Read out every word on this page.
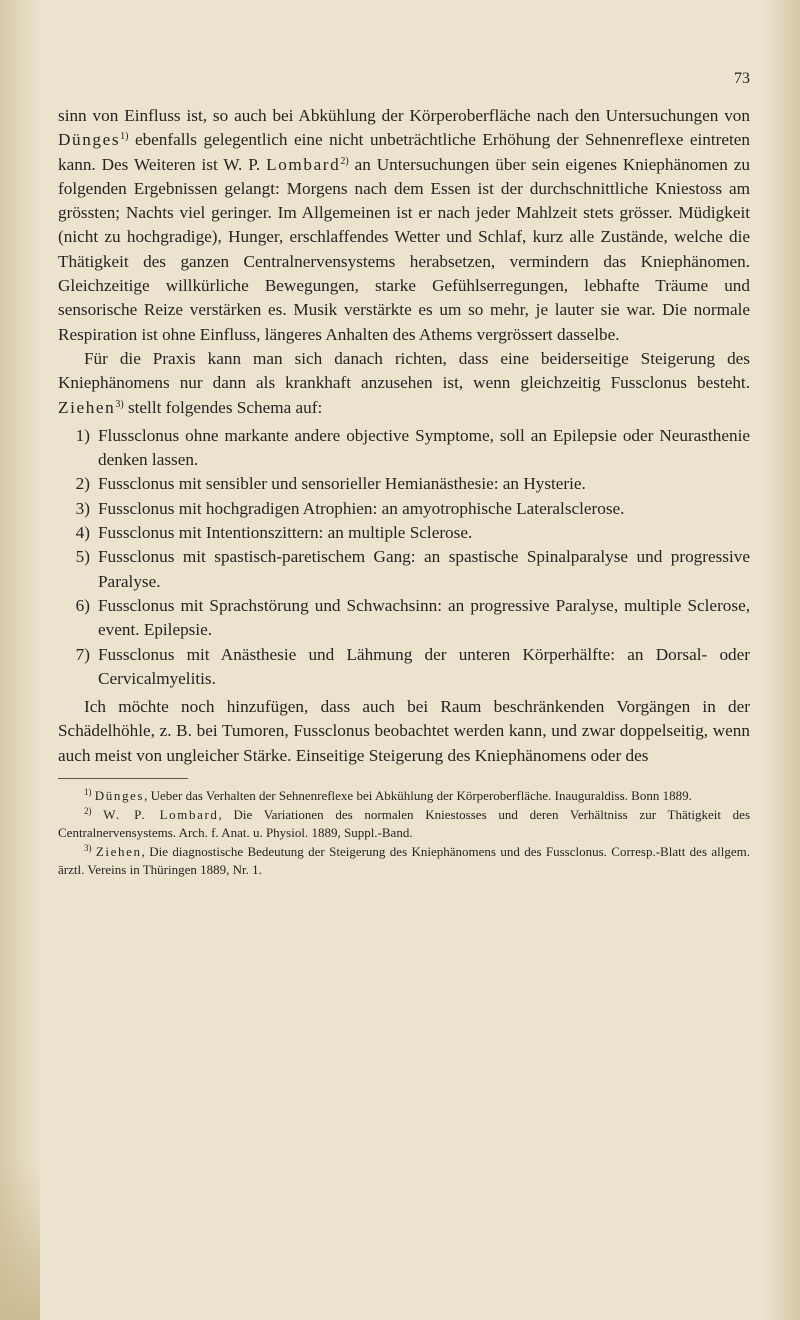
73

sinn von Einfluss ist, so auch bei Abkühlung der Körperoberfläche nach den Untersuchungen von Dünges$^{1)}$ ebenfalls gelegentlich eine nicht unbeträchtliche Erhöhung der Sehnenreflexe eintreten kann. Des Weiteren ist W. P. Lombard$^{2)}$ an Untersuchungen über sein eigenes Kniephänomen zu folgenden Ergebnissen gelangt: Morgens nach dem Essen ist der durchschnittliche Kniestoss am grössten; Nachts viel geringer. Im Allgemeinen ist er nach jeder Mahlzeit stets grösser. Müdigkeit (nicht zu hochgradige), Hunger, erschlaffendes Wetter und Schlaf, kurz alle Zustände, welche die Thätigkeit des ganzen Centralnervensystems herabsetzen, vermindern das Kniephänomen. Gleichzeitige willkürliche Bewegungen, starke Gefühlserregungen, lebhafte Träume und sensorische Reize verstärken es. Musik verstärkte es um so mehr, je lauter sie war. Die normale Respiration ist ohne Einfluss, längeres Anhalten des Athems vergrössert dasselbe.

Für die Praxis kann man sich danach richten, dass eine beiderseitige Steigerung des Kniephänomens nur dann als krankhaft anzusehen ist, wenn gleichzeitig Fussclonus besteht. Ziehen$^{3)}$ stellt folgendes Schema auf:

1) Flussclonus ohne markante andere objective Symptome, soll an Epilepsie oder Neurasthenie denken lassen.
2) Fussclonus mit sensibler und sensorieller Hemianästhesie: an Hysterie.
3) Fussclonus mit hochgradigen Atrophien: an amyotrophische Lateralsclerose.
4) Fussclonus mit Intentionszittern: an multiple Sclerose.
5) Fussclonus mit spastisch-paretischem Gang: an spastische Spinalparalyse und progressive Paralyse.
6) Fussclonus mit Sprachstörung und Schwachsinn: an progressive Paralyse, multiple Sclerose, event. Epilepsie.
7) Fussclonus mit Anästhesie und Lähmung der unteren Körperhälfte: an Dorsal- oder Cervicalmyelitis.

Ich möchte noch hinzufügen, dass auch bei Raum beschränkenden Vorgängen in der Schädelhöhle, z. B. bei Tumoren, Fussclonus beobachtet werden kann, und zwar doppelseitig, wenn auch meist von ungleicher Stärke. Einseitige Steigerung des Kniephänomens oder des

$^{1)}$ Dünges, Ueber das Verhalten der Sehnenreflexe bei Abkühlung der Körperoberfläche. Inauguraldiss. Bonn 1889.

$^{2)}$ W. P. Lombard, Die Variationen des normalen Kniestosses und deren Verhältniss zur Thätigkeit des Centralnervensystems. Arch. f. Anat. u. Physiol. 1889, Suppl.-Band.

$^{3)}$ Ziehen, Die diagnostische Bedeutung der Steigerung des Kniephänomens und des Fussclonus. Corresp.-Blatt des allgem. ärztl. Vereins in Thüringen 1889, Nr. 1.
